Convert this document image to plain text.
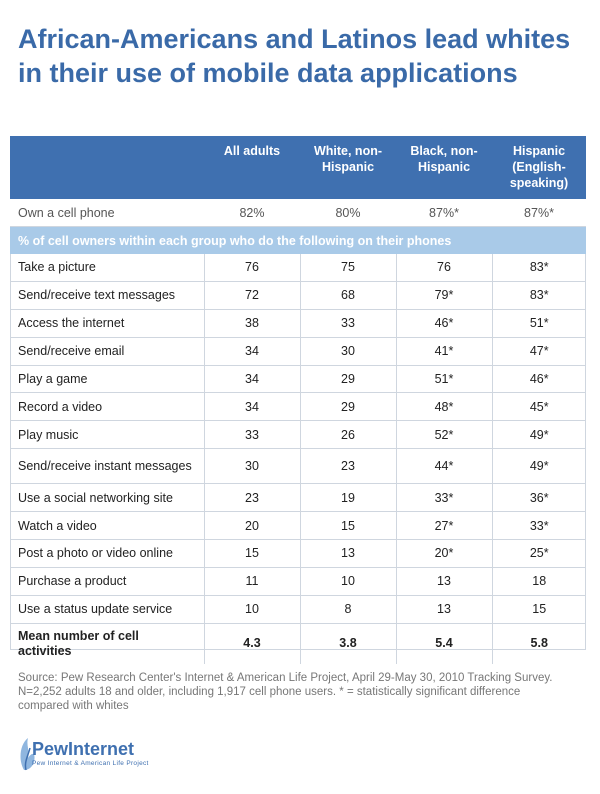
African-Americans and Latinos lead whites in their use of mobile data applications
	All adults	White, non-Hispanic	Black, non-Hispanic	Hispanic (English-speaking)
Own a cell phone	82%	80%	87%*	87%*
% of cell owners within each group who do the following on their phones				
Take a picture	76	75	76	83*
Send/receive text messages	72	68	79*	83*
Access the internet	38	33	46*	51*
Send/receive email	34	30	41*	47*
Play a game	34	29	51*	46*
Record a video	34	29	48*	45*
Play music	33	26	52*	49*
Send/receive instant messages	30	23	44*	49*
Use a social networking site	23	19	33*	36*
Watch a video	20	15	27*	33*
Post a photo or video online	15	13	20*	25*
Purchase a product	11	10	13	18
Use a status update service	10	8	13	15
Mean number of cell activities	4.3	3.8	5.4	5.8

Source: Pew Research Center's Internet & American Life Project, April 29-May 30, 2010 Tracking Survey. N=2,252 adults 18 and older, including 1,917 cell phone users. * = statistically significant difference compared with whites

PewInternet
Pew Internet & American Life Project
